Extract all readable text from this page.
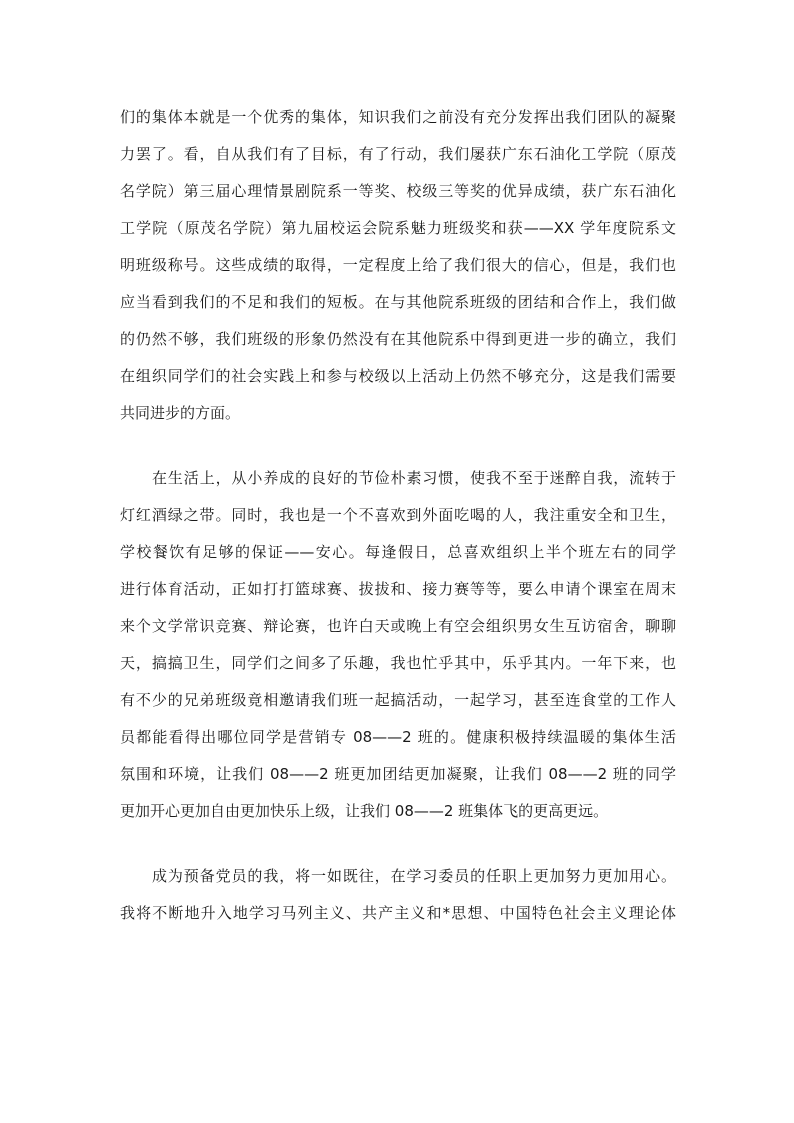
们的集体本就是一个优秀的集体，知识我们之前没有充分发挥出我们团队的凝聚
力罢了。看，自从我们有了目标，有了行动，我们屡获广东石油化工学院（原茂
名学院）第三届心理情景剧院系一等奖、校级三等奖的优异成绩，获广东石油化
工学院（原茂名学院）第九届校运会院系魅力班级奖和获——XX 学年度院系文
明班级称号。这些成绩的取得，一定程度上给了我们很大的信心，但是，我们也
应当看到我们的不足和我们的短板。在与其他院系班级的团结和合作上，我们做
的仍然不够，我们班级的形象仍然没有在其他院系中得到更进一步的确立，我们
在组织同学们的社会实践上和参与校级以上活动上仍然不够充分，这是我们需要
共同进步的方面。
在生活上，从小养成的良好的节俭朴素习惯，使我不至于迷醉自我，流转于
灯红酒绿之带。同时，我也是一个不喜欢到外面吃喝的人，我注重安全和卫生，
学校餐饮有足够的保证——安心。每逢假日，总喜欢组织上半个班左右的同学
进行体育活动，正如打打篮球赛、拔拔和、接力赛等等，要么申请个课室在周末
来个文学常识竞赛、辩论赛，也许白天或晚上有空会组织男女生互访宿舍，聊聊
天，搞搞卫生，同学们之间多了乐趣，我也忙乎其中，乐乎其内。一年下来，也
有不少的兄弟班级竟相邀请我们班一起搞活动，一起学习，甚至连食堂的工作人
员都能看得出哪位同学是营销专 08——2 班的。健康积极持续温暖的集体生活
氛围和环境，让我们 08——2 班更加团结更加凝聚，让我们 08——2 班的同学
更加开心更加自由更加快乐上级，让我们 08——2 班集体飞的更高更远。
成为预备党员的我，将一如既往，在学习委员的任职上更加努力更加用心。
我将不断地升入地学习马列主义、共产主义和*思想、中国特色社会主义理论体
